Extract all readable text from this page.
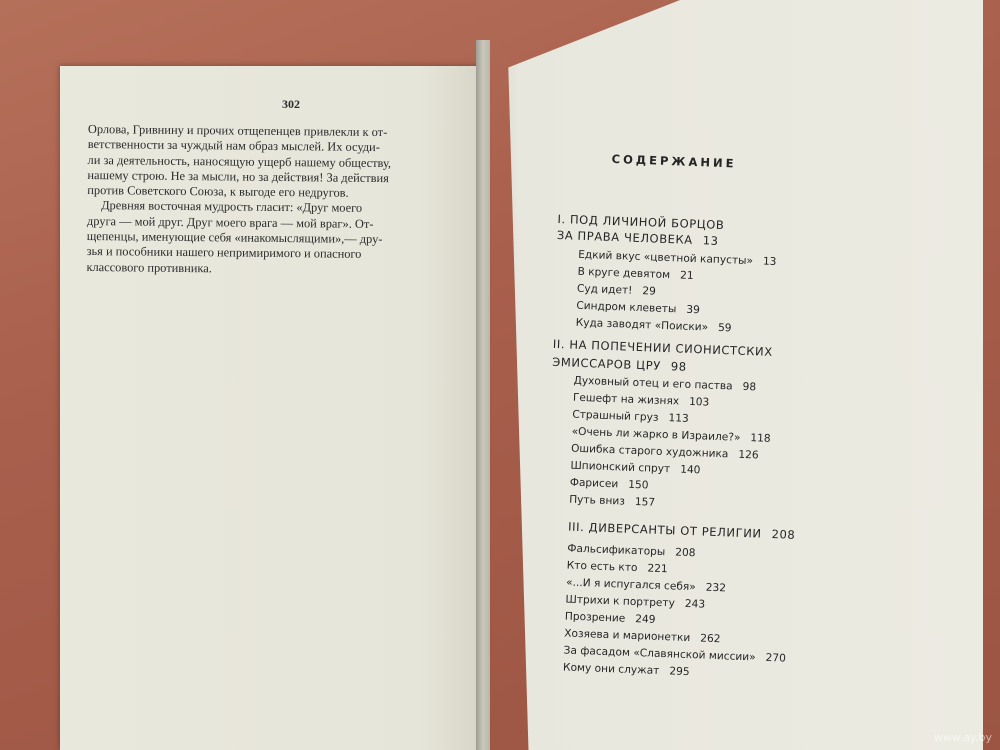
302
Орлова, Гривнину и прочих отщепенцев привлекли к от-
ветственности за чуждый нам образ мыслей. Их осуди-
ли за деятельность, наносящую ущерб нашему обществу,
нашему строю. Не за мысли, но за действия! За действия
против Советского Союза, к выгоде его недругов.
Древняя восточная мудрость гласит: «Друг моего
друга — мой друг. Друг моего врага — мой враг». От-
щепенцы, именующие себя «инакомыслящими»,— дру-
зья и пособники нашего непримиримого и опасного
классового противника.
СОДЕРЖАНИЕ
I. ПОД ЛИЧИНОЙ БОРЦОВ
ЗА ПРАВА ЧЕЛОВЕКА 13
Едкий вкус «цветной капусты» 13
В круге девятом 21
Суд идет! 29
Синдром клеветы 39
Куда заводят «Поиски» 59
II. НА ПОПЕЧЕНИИ СИОНИСТСКИХ
ЭМИССАРОВ ЦРУ 98
Духовный отец и его паства 98
Гешефт на жизнях 103
Страшный груз 113
«Очень ли жарко в Израиле?» 118
Ошибка старого художника 126
Шпионский спрут 140
Фарисеи 150
Путь вниз 157
III. ДИВЕРСАНТЫ ОТ РЕЛИГИИ 208
Фальсификаторы 208
Кто есть кто 221
«...И я испугался себя» 232
Штрихи к портрету 243
Прозрение 249
Хозяева и марионетки 262
За фасадом «Славянской миссии» 270
Кому они служат 295
www.ay.by
